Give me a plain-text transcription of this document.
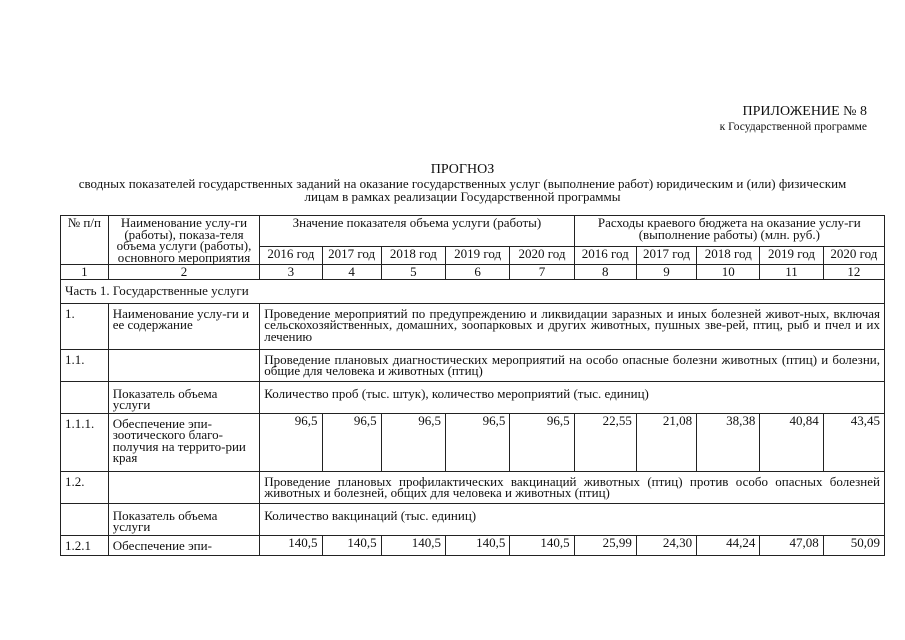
ПРИЛОЖЕНИЕ № 8
к Государственной программе
ПРОГНОЗ
сводных показателей государственных заданий на оказание государственных услуг (выполнение работ) юридическим и (или) физическим лицам в рамках реализации Государственной программы
№ п/п	Наименование услу-ги (работы), показа-теля объема услуги (работы), основного мероприятия	Значение показателя объема услуги (работы)					Расходы краевого бюджета на оказание услу-ги (выполнение работы) (млн. руб.)				
		2016 год	2017 год	2018 год	2019 год	2020 год	2016 год	2017 год	2018 год	2019 год	2020 год
1	2	3	4	5	6	7	8	9	10	11	12
Часть 1. Государственные услуги											
1.	Наименование услу-ги и ее содержание	Проведение мероприятий по предупреждению и ликвидации заразных и иных болезней живот-ных, включая сельскохозяйственных, домашних, зоопарковых и других животных, пушных зве-рей, птиц, рыб и пчел и их лечению									
1.1.		Проведение плановых диагностических мероприятий на особо опасные болезни животных (птиц) и болезни, общие для человека и животных (птиц)									
	Показатель объема услуги	Количество проб (тыс. штук), количество мероприятий (тыс. единиц)									
1.1.1.	Обеспечение эпи-зоотического благо-получия на террито-рии края	96,5	96,5	96,5	96,5	96,5	22,55	21,08	38,38	40,84	43,45
1.2.		Проведение плановых профилактических вакцинаций животных (птиц) против особо опасных болезней животных и болезней, общих для человека и животных (птиц)									
	Показатель объема услуги	Количество вакцинаций (тыс. единиц)									
1.2.1	Обеспечение эпи-	140,5	140,5	140,5	140,5	140,5	25,99	24,30	44,24	47,08	50,09
